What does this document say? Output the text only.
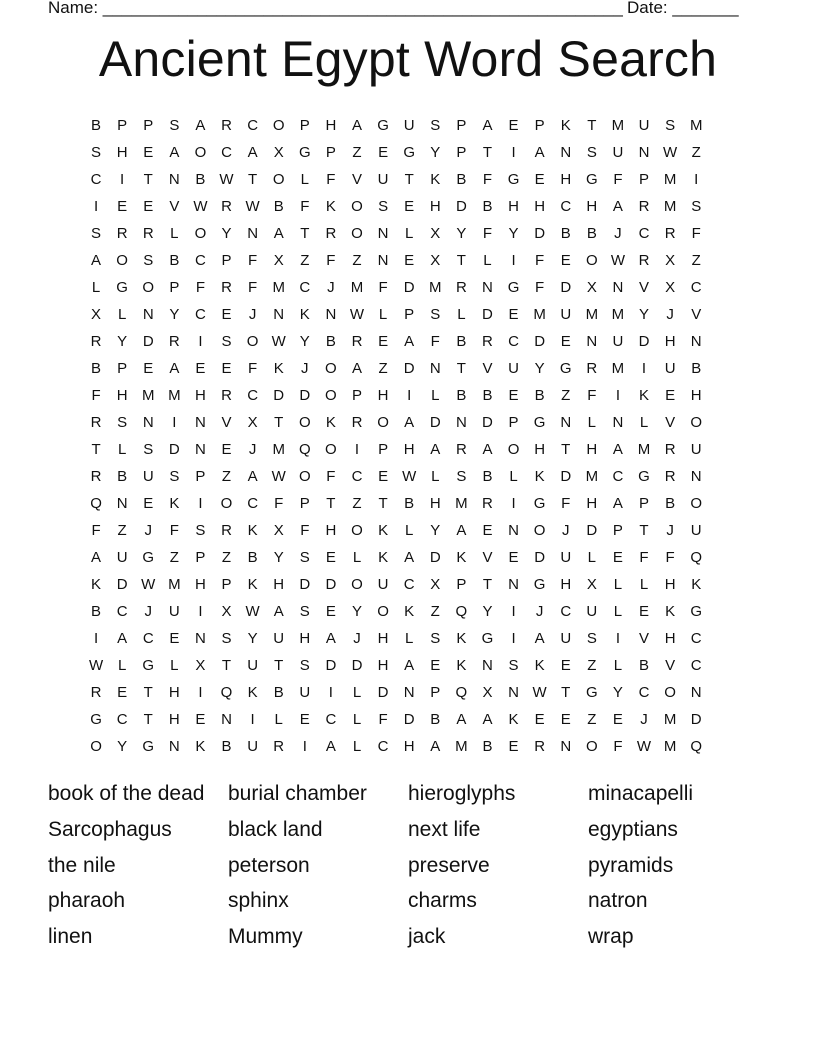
Name: _______________________________________________________ Date: _______
Ancient Egypt Word Search
B	P	P	S	A	R	C O	P	H	A	G U	S	P	A	E	P	K	T	M U	S M
S	H	E	A	O C	A	X	G	P	Z	E	G	Y	P	T	I	A	N	S	U	N W Z
C	I	T	N	B W T	O	L	F	V	U	T	K	B	F	G	E	H G	F	P M	I
I	E	E	V W R W B	F	K	O	S	E	H	D	B	H	H	C	H	A	R M S
S	R	R	L	O	Y	N	A	T	R O N	L	X	Y	F	Y	D	B	B	J	C	R	F
A	O	S	B	C	P	F	X	Z	F	Z	N	E	X	T	L	I	F	E	O W R	X	Z
L	G O	P	F	R	F	M C	J	M	F	D M R	N G	F	D	X	N	V	X	C
X	L	N	Y	C	E	J	N	K	N W L	P	S	L	D	E M U M M Y	J	V
R	Y	D	R	I	S	O W Y	B	R	E	A	F	B	R	C	D	E	N	U	D	H	N
B	P	E	A	E	E	F	K	J	O	A	Z	D	N	T	V	U	Y	G R M	I	U	B
F	H M M H	R	C	D	D O	P	H	I	L	B	B	E	B	Z	F	I	K	E	H
R	S	N	I	N	V	X	T	O	K	R O	A	D	N	D	P	G N	L	N	L	V	O
T	L	S	D	N	E	J	M Q O	I	P	H	A	R	A	O H	T	H	A M R	U
R	B	U	S	P	Z	A W O	F	C	E W L	S	B	L	K	D M C G R	N
Q N	E	K	I	O C	F	P	T	Z	T	B	H M R	I	G	F	H	A	P	B	O
F	Z	J	F	S	R	K	X	F	H O	K	L	Y	A	E	N O	J	D	P	T	J	U
A	U G	Z	P	Z	B	Y	S	E	L	K	A	D	K	V	E	D	U	L	E	F	F	Q
K	D W M H	P	K	H	D	D O U	C	X	P	T	N G H	X	L	L	H	K
B	C	J	U	I	X W A	S	E	Y	O	K	Z	Q	Y	I	J	C	U	L	E	K	G
I	A	C	E	N	S	Y	U	H	A	J	H	L	S	K	G	I	A	U	S	I	V	H	C
W L	G	L	X	T	U	T	S	D	D	H	A	E	K	N	S	K	E	Z	L	B	V	C
R	E	T	H	I	Q	K	B	U	I	L	D	N	P	Q	X	N W T	G	Y	C O N
G C	T	H	E	N	I	L	E	C	L	F	D	B	A	A	K	E	E	Z	E	J	M D
O	Y	G N	K	B	U	R	I	A	L	C	H	A M B	E	R	N O	F W M Q
book of the dead	burial chamber	hieroglyphs	minacapelli
Sarcophagus	black land	next life	egyptians
the nile	peterson	preserve	pyramids
pharaoh	sphinx	charms	natron
linen	Mummy	jack	wrap
